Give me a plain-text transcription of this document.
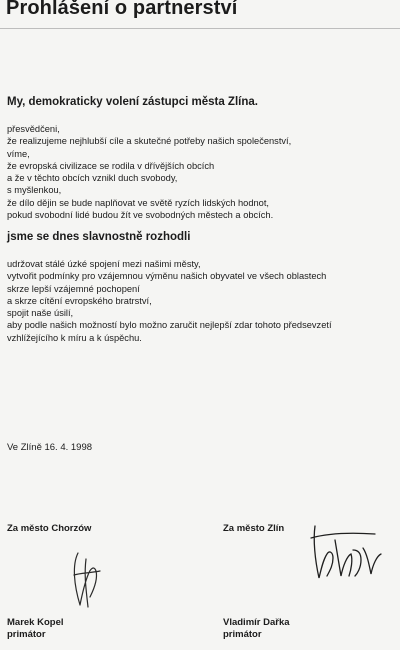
Prohlášení o partnerství
My, demokraticky volení zástupci města Zlína.
přesvědčeni,
že realizujeme nejhlubší cíle a skutečné potřeby našich společenství,
víme,
že evropská civilizace se rodila v dřívějších obcích
a že v těchto obcích vznikl duch svobody,
s myšlenkou,
že dílo dějin se bude naplňovat ve světě ryzích lidských hodnot,
pokud svobodní lidé budou žít ve svobodných městech a obcích.
jsme se dnes slavnostně rozhodli
udržovat stálé úzké spojení mezi našimi městy,
vytvořit podmínky pro vzájemnou výměnu našich obyvatel ve všech oblastech
skrze lepší vzájemné pochopení
a skrze cítění evropského bratrství,
spojit naše úsilí,
aby podle našich možností bylo možno zaručit nejlepší zdar tohoto předsevzetí
vzhlížejícího k míru a k úspěchu.
Ve Zlíně 16. 4. 1998
Za město Chorzów	Za město Zlín
Marek Kopel
primátor
Vladimír Dařka
primátor
